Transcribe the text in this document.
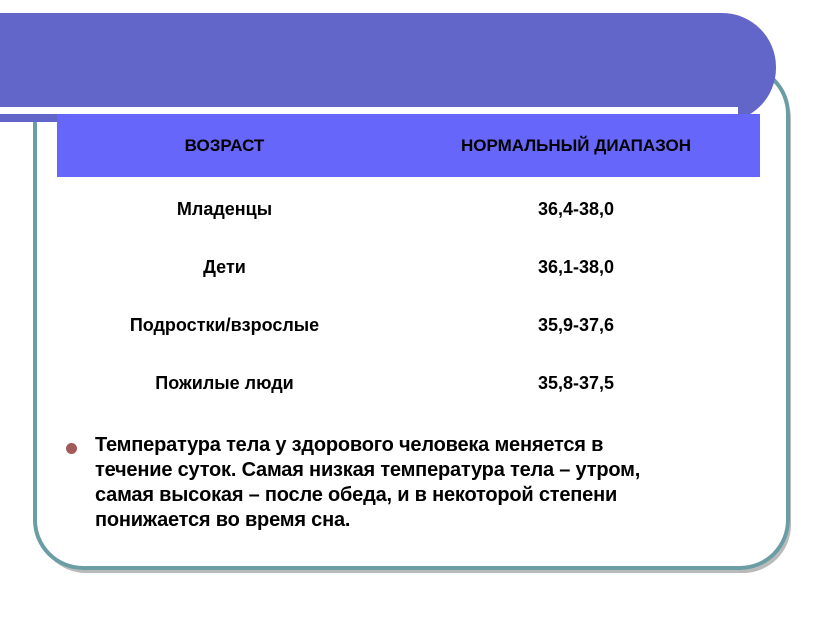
ВОЗРАСТ	НОРМАЛЬНЫЙ ДИАПАЗОН
Младенцы	36,4-38,0
Дети	36,1-38,0
Подростки/взрослые	35,9-37,6
Пожилые люди	35,8-37,5
Температура тела у здорового человека меняется в
течение суток. Самая низкая температура тела – утром,
самая высокая – после обеда, и в некоторой степени
понижается во время сна.
